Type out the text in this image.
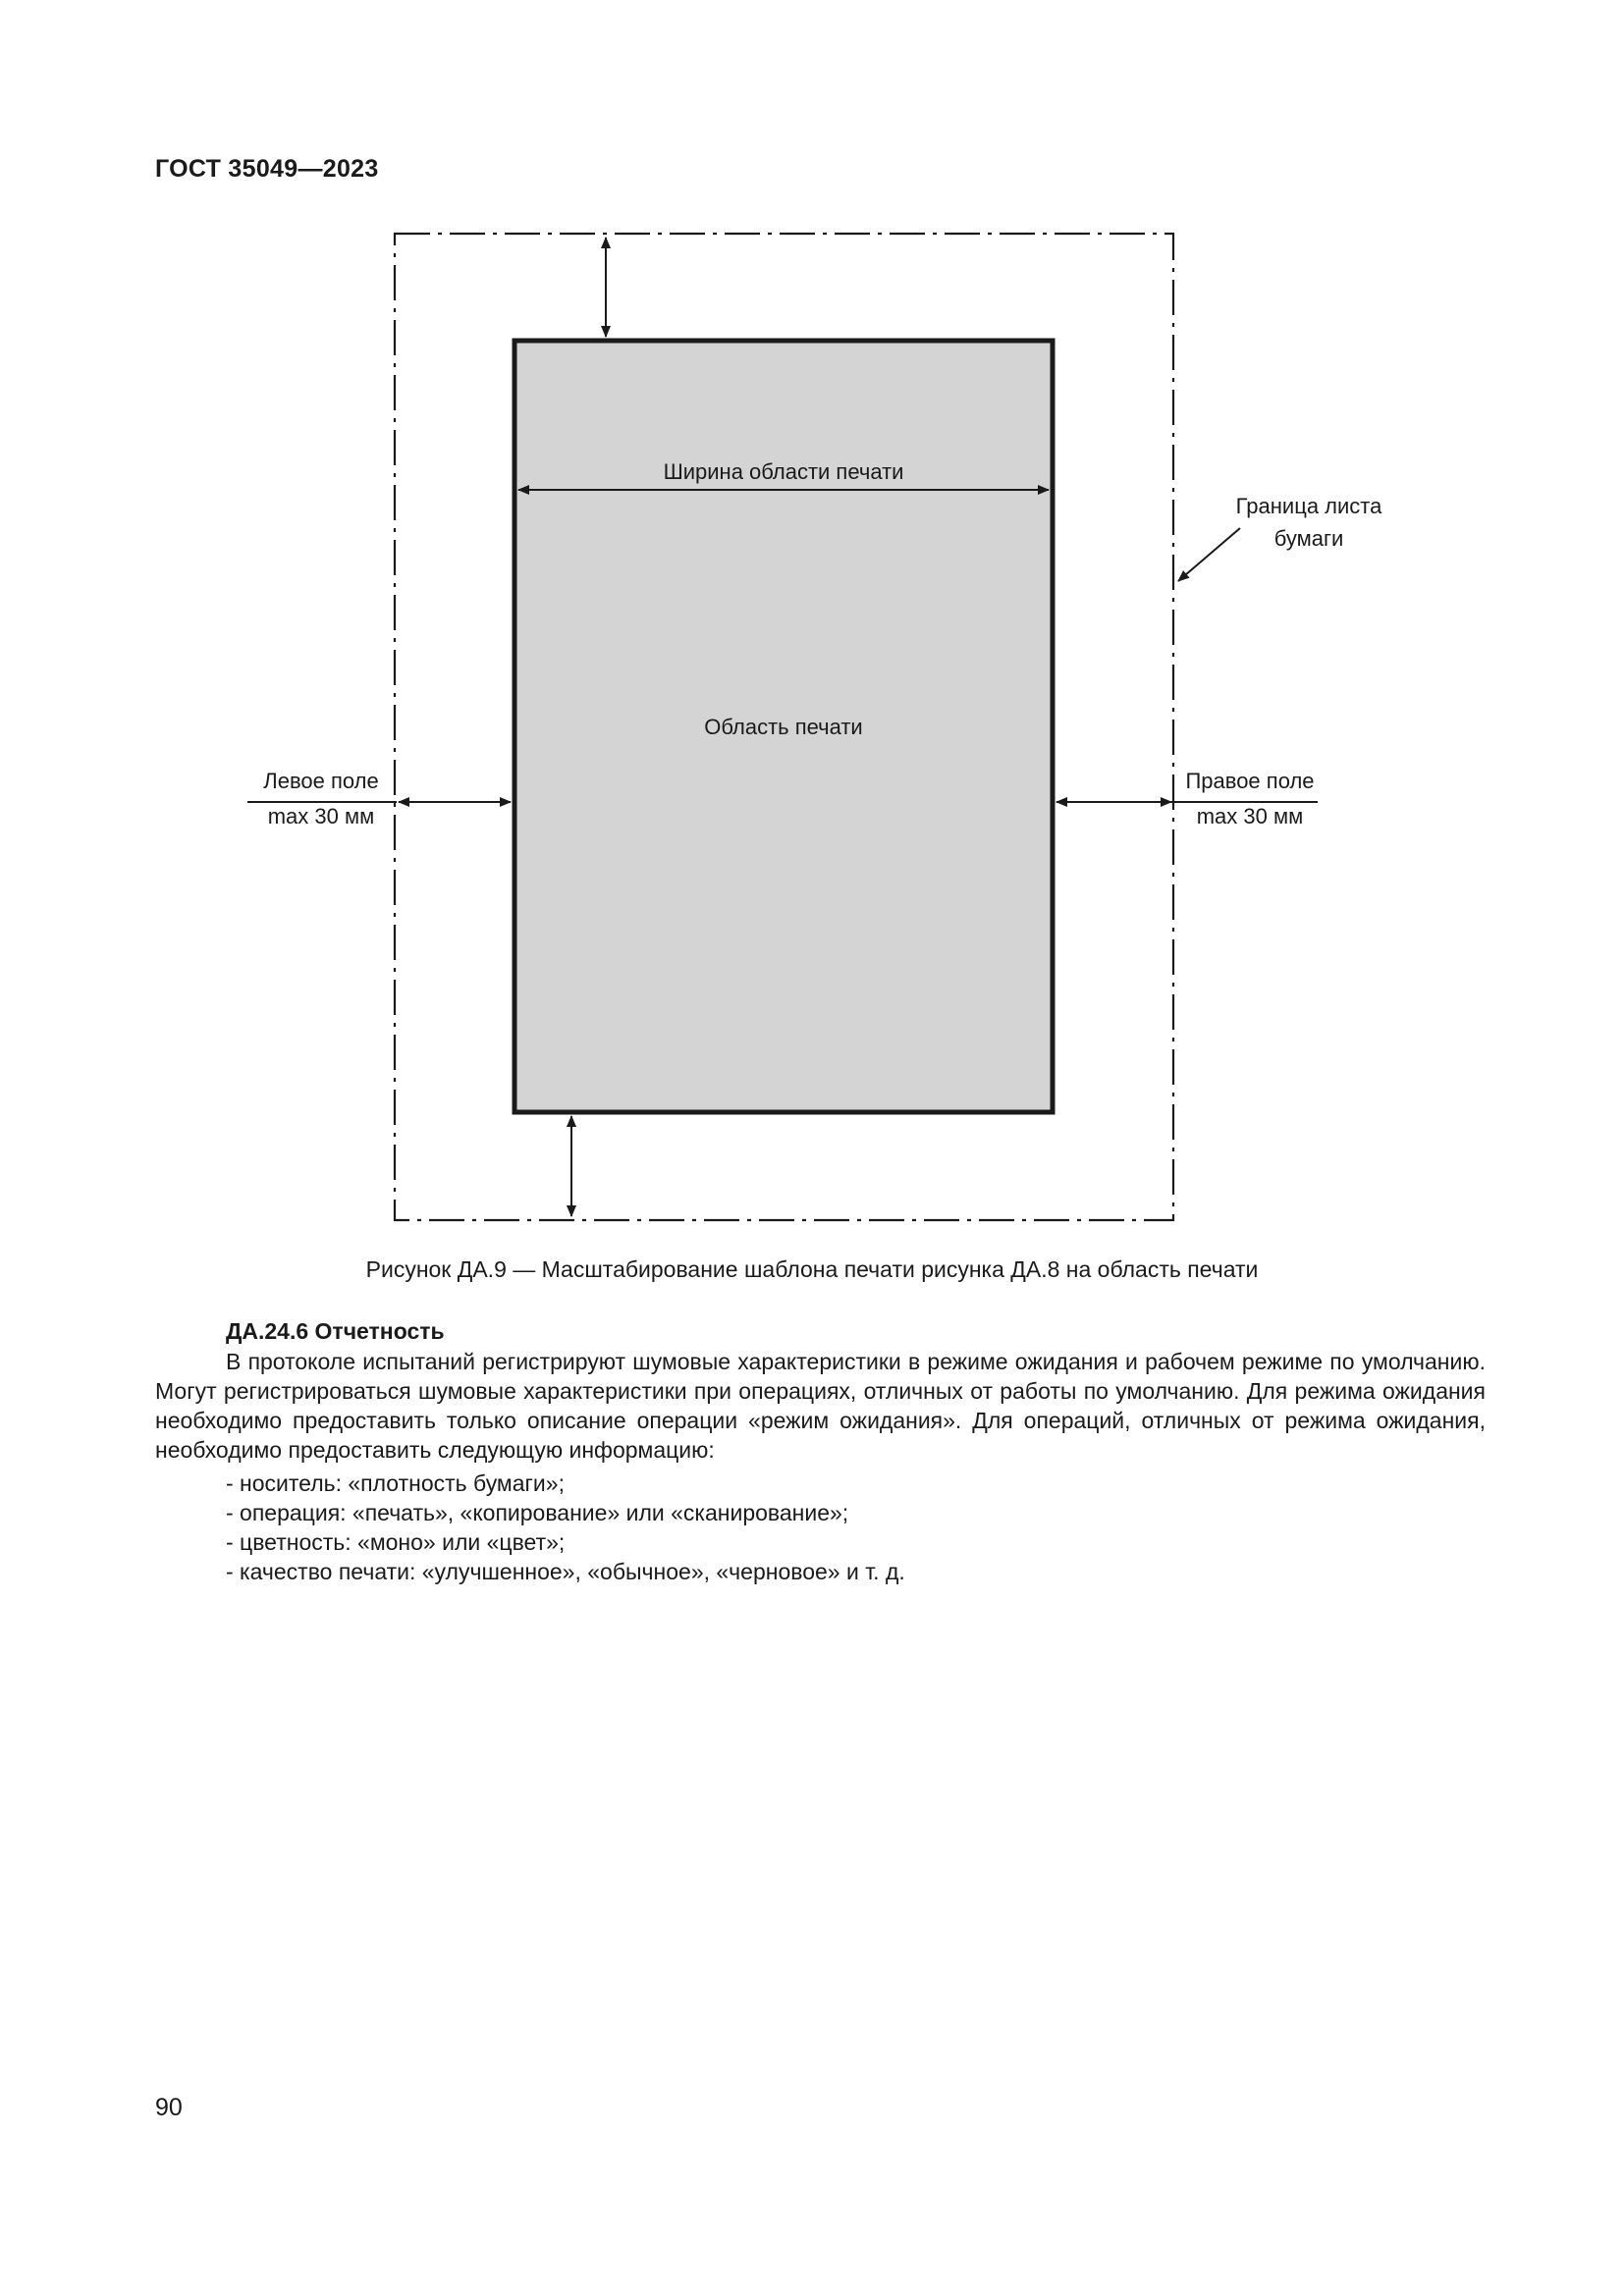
ГОСТ 35049—2023
Ширина области печати
Область печати
Левое поле
max 30 мм
Правое поле
max 30 мм
Граница листа
бумаги
Рисунок ДА.9 — Масштабирование шаблона печати рисунка ДА.8 на область печати
ДА.24.6 Отчетность

В протоколе испытаний регистрируют шумовые характеристики в режиме ожидания и рабочем режиме по умолчанию. Могут регистрироваться шумовые характеристики при операциях, отличных от работы по умолчанию. Для режима ожидания необходимо предоставить только описание операции «режим ожидания». Для операций, отличных от режима ожидания, необходимо предоставить следующую информацию:

- носитель: «плотность бумаги»;
- операция: «печать», «копирование» или «сканирование»;
- цветность: «моно» или «цвет»;
- качество печати: «улучшенное», «обычное», «черновое» и т. д.
90
